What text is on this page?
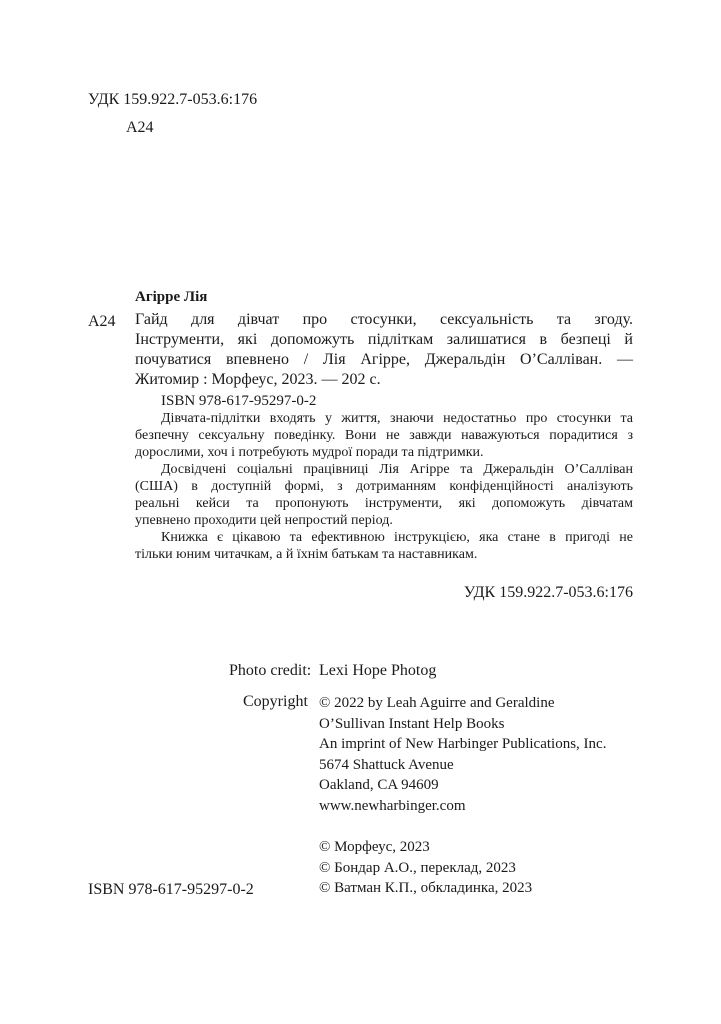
УДК 159.922.7-053.6:176
А24
Агірре Лія
А24 Гайд для дівчат про стосунки, сексуальність та згоду.
Інструменти, які допоможуть підліткам залишатися в безпеці й
почуватися впевнено / Лія Агірре, Джеральдін О’Салліван. —
Житомир : Морфеус, 2023. — 202 с.
ISBN 978-617-95297-0-2
Дівчата-підлітки входять у життя, знаючи недостатньо про стосунки та
безпечну сексуальну поведінку. Вони не завжди наважуються порадитися з
дорослими, хоч і потребують мудрої поради та підтримки.
Досвідчені соціальні працівниці Лія Агірре та Джеральдін О’Салліван
(США) в доступній формі, з дотриманням конфіденційності аналізують
реальні кейси та пропонують інструменти, які допоможуть дівчатам
упевнено проходити цей непростий період.
Книжка є цікавою та ефективною інструкцією, яка стане в пригоді не
тільки юним читачкам, а й їхнім батькам та наставникам.
УДК 159.922.7-053.6:176
Photo credit: Lexi Hope Photog
Copyright © 2022 by Leah Aguirre and Geraldine
O’Sullivan Instant Help Books
An imprint of New Harbinger Publications, Inc.
5674 Shattuck Avenue
Oakland, CA 94609
www.newharbinger.com

© Морфеус, 2023
© Бондар А.О., переклад, 2023
© Ватман К.П., обкладинка, 2023
ISBN 978-617-95297-0-2
